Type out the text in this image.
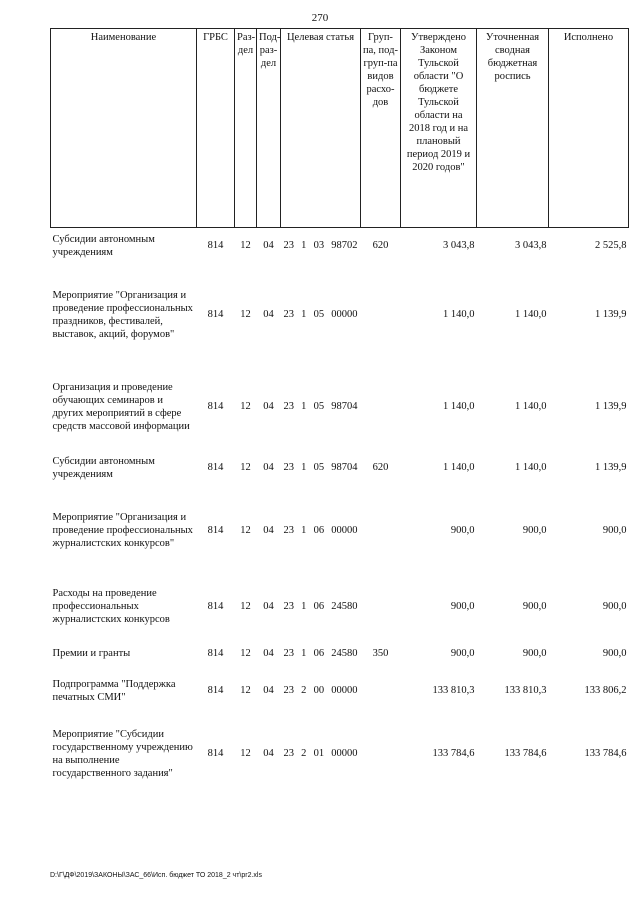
270
Наименование	ГРБС	Раз-дел	Под-раз-дел	Целевая статья	Груп-па, под-груп-па видов расхо-дов	Утверждено Законом Тульской области "О бюджете Тульской области на 2018 год и на плановый период 2019 и 2020 годов"	Уточненная сводная бюджетная роспись	Исполнено
Субсидии автономным учреждениям	814	12	04	23 1 03 98702	620	3 043,8	3 043,8	2 525,8
Мероприятие "Организация и проведение профессиональных праздников, фестивалей, выставок, акций, форумов"	814	12	04	23 1 05 00000		1 140,0	1 140,0	1 139,9
Организация и проведение обучающих семинаров и других мероприятий в сфере средств массовой информации	814	12	04	23 1 05 98704		1 140,0	1 140,0	1 139,9
Субсидии автономным учреждениям	814	12	04	23 1 05 98704	620	1 140,0	1 140,0	1 139,9
Мероприятие "Организация и проведение профессиональных журналистских конкурсов"	814	12	04	23 1 06 00000		900,0	900,0	900,0
Расходы на проведение профессиональных журналистских конкурсов	814	12	04	23 1 06 24580		900,0	900,0	900,0
Премии и гранты	814	12	04	23 1 06 24580	350	900,0	900,0	900,0
Подпрограмма "Поддержка печатных СМИ"	814	12	04	23 2 00 00000		133 810,3	133 810,3	133 806,2
Мероприятие "Субсидии государственному учреждению на выполнение государственного задания"	814	12	04	23 2 01 00000		133 784,6	133 784,6	133 784,6
D:\Г\ДФ\2019\ЗАКОНЫ\ЗАС_66\Исп. бюджет ТО 2018_2 чт\pr2.xls
